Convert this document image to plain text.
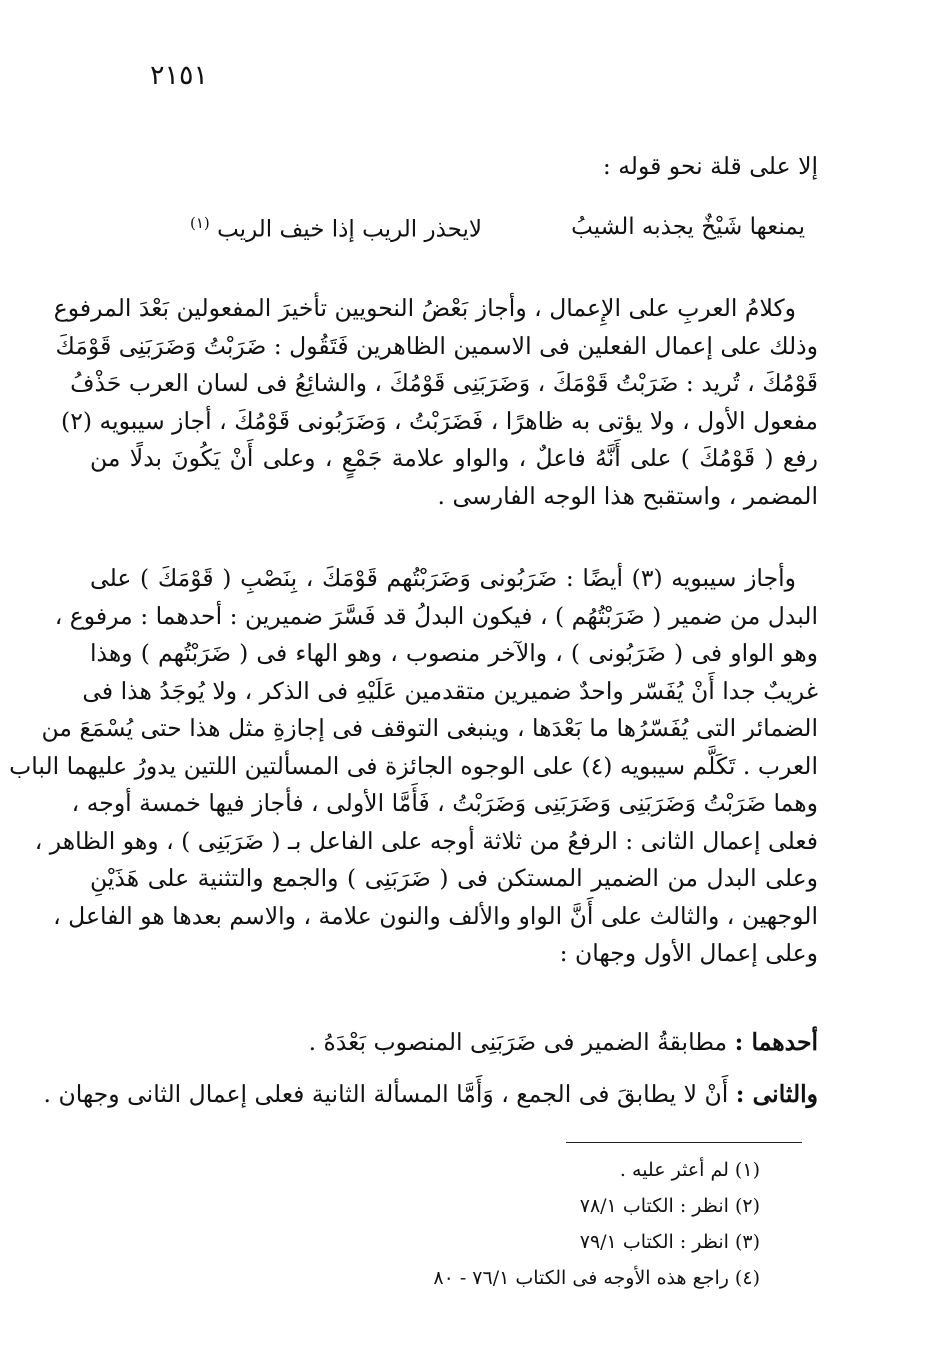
٢١٥١
إلا على قلة نحو قوله :
يمنعها شَيْخٌ يجذبه الشيبُ
لايحذر الريب إذا خيف الريب $^{(١)}$
وكلامُ العربِ على الإِعمال ، وأجاز بَعْضُ النحويين تأخيرَ المفعولين بَعْدَ المرفوع
وذلك على إعمال الفعلين فى الاسمين الظاهرين فَتَقُول : ضَرَبْتُ وَضَرَبَنِى قَوْمَكَ
قَوْمُكَ ، تُريد : ضَرَبْتُ قَوْمَكَ ، وَضَرَبَنِى قَوْمُكَ ، والشائِعُ فى لسان العرب حَذْفُ
مفعول الأول ، ولا يؤتى به ظاهرًا ، فَضَرَبْتُ ، وَضَرَبُونى قَوْمُكَ ، أجاز سيبويه (٢)
رفع ( قَوْمُكَ ) على أَنَّهُ فاعلٌ ، والواو علامة جَمْعٍ ، وعلى أَنْ يَكُونَ بدلًا من
المضمر ، واستقبح هذا الوجه الفارسى .
وأجاز سيبويه (٣) أيضًا : ضَرَبُونى وَضَرَبْتُهم قَوْمَكَ ، بِنَصْبِ ( قَوْمَكَ ) على
البدل من ضمير ( ضَرَبْتُهُم ) ، فيكون البدلُ قد فَسَّرَ ضميرين : أحدهما : مرفوع ،
وهو الواو فى ( ضَرَبُونى ) ، والآخر منصوب ، وهو الهاء فى ( ضَرَبْتُهم ) وهذا
غريبٌ جدا أَنْ يُفَسّر واحدٌ ضميرين متقدمين عَلَيْهِ فى الذكر ، ولا يُوجَدُ هذا فى
الضمائر التى يُفَسّرُها ما بَعْدَها ، وينبغى التوقف فى إجازةِ مثل هذا حتى يُسْمَعَ من
العرب . تَكَلَّم سيبويه (٤) على الوجوه الجائزة فى المسألتين اللتين يدورُ عليهما الباب
وهما ضَرَبْتُ وَضَرَبَنِى وَضَرَبَنِى وَضَرَبْتُ ، فَأَمَّا الأولى ، فأجاز فيها خمسة أوجه ،
فعلى إعمال الثانى : الرفعُ من ثلاثة أوجه على الفاعل بـ ( ضَرَبَنِى ) ، وهو الظاهر ،
وعلى البدل من الضمير المستكن فى ( ضَرَبَنِى ) والجمع والتثنية على هَذَيْنِ
الوجهين ، والثالث على أَنَّ الواو والألف والنون علامة ، والاسم بعدها هو الفاعل ،
وعلى إعمال الأول وجهان :
أحدهما : مطابقةُ الضمير فى ضَرَبَنِى المنصوب بَعْدَهُ .
والثانى : أَنْ لا يطابقَ فى الجمع ، وَأَمَّا المسألة الثانية فعلى إعمال الثانى وجهان .
(١) لم أعثر عليه .
(٢) انظر : الكتاب ٧٨/١
(٣) انظر : الكتاب ٧٩/١
(٤) راجع هذه الأوجه فى الكتاب ٧٦/١ - ٨٠
